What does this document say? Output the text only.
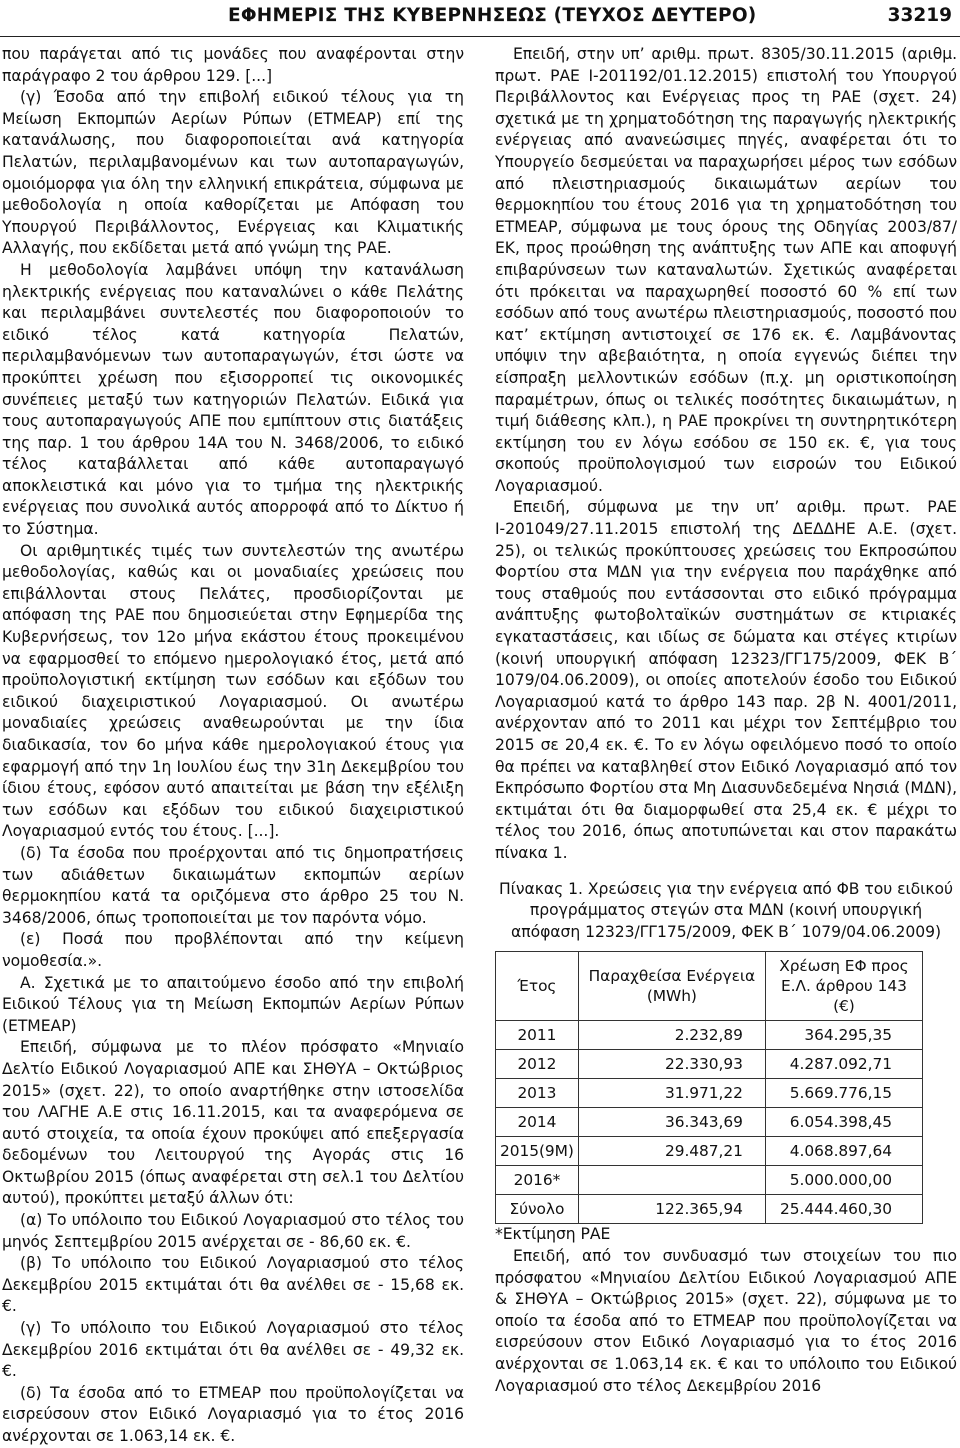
ΕΦΗΜΕΡΙΣ ΤΗΣ ΚΥΒΕΡΝΗΣΕΩΣ (ΤΕΥΧΟΣ ΔΕΥΤΕΡΟ)	33219

που παράγεται από τις μονάδες που αναφέρονται στην παράγραφο 2 του άρθρου 129. [...]

(γ) Έσοδα από την επιβολή ειδικού τέλους για τη Μείωση Εκπομπών Αερίων Ρύπων (ΕΤΜΕΑΡ) επί της κατανάλωσης, που διαφοροποιείται ανά κατηγορία Πελατών, περιλαμβανομένων και των αυτοπαραγωγών, ομοιόμορφα για όλη την ελληνική επικράτεια, σύμφωνα με μεθοδολογία η οποία καθορίζεται με Απόφαση του Υπουργού Περιβάλλοντος, Ενέργειας και Κλιματικής Αλλαγής, που εκδίδεται μετά από γνώμη της ΡΑΕ.

Η μεθοδολογία λαμβάνει υπόψη την κατανάλωση ηλεκτρικής ενέργειας που καταναλώνει ο κάθε Πελάτης και περιλαμβάνει συντελεστές που διαφοροποιούν το ειδικό τέλος κατά κατηγορία Πελατών, περιλαμβανόμενων των αυτοπαραγωγών, έτσι ώστε να προκύπτει χρέωση που εξισορροπεί τις οικονομικές συνέπειες μεταξύ των κατηγοριών Πελατών. Ειδικά για τους αυτοπαραγωγούς ΑΠΕ που εμπίπτουν στις διατάξεις της παρ. 1 του άρθρου 14Α του Ν. 3468/2006, το ειδικό τέλος καταβάλλεται από κάθε αυτοπαραγωγό αποκλειστικά και μόνο για το τμήμα της ηλεκτρικής ενέργειας που συνολικά αυτός απορροφά από το Δίκτυο ή το Σύστημα.

Οι αριθμητικές τιμές των συντελεστών της ανωτέρω μεθοδολογίας, καθώς και οι μοναδιαίες χρεώσεις που επιβάλλονται στους Πελάτες, προσδιορίζονται με απόφαση της ΡΑΕ που δημοσιεύεται στην Εφημερίδα της Κυβερνήσεως, τον 12ο μήνα εκάστου έτους προκειμένου να εφαρμοσθεί το επόμενο ημερολογιακό έτος, μετά από προϋπολογιστική εκτίμηση των εσόδων και εξόδων του ειδικού διαχειριστικού Λογαριασμού. Οι ανωτέρω μοναδιαίες χρεώσεις αναθεωρούνται με την ίδια διαδικασία, τον 6ο μήνα κάθε ημερολογιακού έτους για εφαρμογή από την 1η Ιουλίου έως την 31η Δεκεμβρίου του ίδιου έτους, εφόσον αυτό απαιτείται με βάση την εξέλιξη των εσόδων και εξόδων του ειδικού διαχειριστικού Λογαριασμού εντός του έτους. [...].

(δ) Τα έσοδα που προέρχονται από τις δημοπρατήσεις των αδιάθετων δικαιωμάτων εκπομπών αερίων θερμοκηπίου κατά τα οριζόμενα στο άρθρο 25 του Ν. 3468/2006, όπως τροποποιείται με τον παρόντα νόμο.

(ε) Ποσά που προβλέπονται από την κείμενη νομοθεσία.».

Α. Σχετικά με το απαιτούμενο έσοδο από την επιβολή Ειδικού Τέλους για τη Μείωση Εκπομπών Αερίων Ρύπων (ΕΤΜΕΑΡ)

Επειδή, σύμφωνα με το πλέον πρόσφατο «Μηνιαίο Δελτίο Ειδικού Λογαριασμού ΑΠΕ και ΣΗΘΥΑ – Οκτώβριος 2015» (σχετ. 22), το οποίο αναρτήθηκε στην ιστοσελίδα του ΛΑΓΗΕ Α.Ε στις 16.11.2015, και τα αναφερόμενα σε αυτό στοιχεία, τα οποία έχουν προκύψει από επεξεργασία δεδομένων του Λειτουργού της Αγοράς στις 16 Οκτωβρίου 2015 (όπως αναφέρεται στη σελ.1 του Δελτίου αυτού), προκύπτει μεταξύ άλλων ότι:

(α) Το υπόλοιπο του Ειδικού Λογαριασμού στο τέλος του μηνός Σεπτεμβρίου 2015 ανέρχεται σε - 86,60 εκ. €.

(β) Το υπόλοιπο του Ειδικού Λογαριασμού στο τέλος Δεκεμβρίου 2015 εκτιμάται ότι θα ανέλθει σε - 15,68 εκ. €.

(γ) Το υπόλοιπο του Ειδικού Λογαριασμού στο τέλος Δεκεμβρίου 2016 εκτιμάται ότι θα ανέλθει σε - 49,32 εκ. €.

(δ) Τα έσοδα από το ΕΤΜΕΑΡ που προϋπολογίζεται να εισρεύσουν στον Ειδικό Λογαριασμό για το έτος 2016 ανέρχονται σε 1.063,14 εκ. €.

Επειδή, στην υπ’ αριθμ. πρωτ. 8305/30.11.2015 (αριθμ. πρωτ. ΡΑΕ Ι-201192/01.12.2015) επιστολή του Υπουργού Περιβάλλοντος και Ενέργειας προς τη ΡΑΕ (σχετ. 24) σχετικά με τη χρηματοδότηση της παραγωγής ηλεκτρικής ενέργειας από ανανεώσιμες πηγές, αναφέρεται ότι το Υπουργείο δεσμεύεται να παραχωρήσει μέρος των εσόδων από πλειστηριασμούς δικαιωμάτων αερίων του θερμοκηπίου του έτους 2016 για τη χρηματοδότηση του ΕΤΜΕΑΡ, σύμφωνα με τους όρους της Οδηγίας 2003/87/ΕΚ, προς προώθηση της ανάπτυξης των ΑΠΕ και αποφυγή επιβαρύνσεων των καταναλωτών. Σχετικώς αναφέρεται ότι πρόκειται να παραχωρηθεί ποσοστό 60 % επί των εσόδων από τους ανωτέρω πλειστηριασμούς, ποσοστό που κατ’ εκτίμηση αντιστοιχεί σε 176 εκ. €. Λαμβάνοντας υπόψιν την αβεβαιότητα, η οποία εγγενώς διέπει την είσπραξη μελλοντικών εσόδων (π.χ. μη οριστικοποίηση παραμέτρων, όπως οι τελικές ποσότητες δικαιωμάτων, η τιμή διάθεσης κλπ.), η ΡΑΕ προκρίνει τη συντηρητικότερη εκτίμηση του εν λόγω εσόδου σε 150 εκ. €, για τους σκοπούς προϋπολογισμού των εισροών του Ειδικού Λογαριασμού.

Επειδή, σύμφωνα με την υπ’ αριθμ. πρωτ. ΡΑΕ Ι-201049/27.11.2015 επιστολή της ΔΕΔΔΗΕ Α.Ε. (σχετ. 25), οι τελικώς προκύπτουσες χρεώσεις του Εκπροσώπου Φορτίου στα ΜΔΝ για την ενέργεια που παράχθηκε από τους σταθμούς που εντάσσονται στο ειδικό πρόγραμμα ανάπτυξης φωτοβολταϊκών συστημάτων σε κτιριακές εγκαταστάσεις, και ιδίως σε δώματα και στέγες κτιρίων (κοινή υπουργική απόφαση 12323/ΓΓ175/2009, ΦΕΚ Β΄ 1079/04.06.2009), οι οποίες αποτελούν έσοδο του Ειδικού Λογαριασμού κατά το άρθρο 143 παρ. 2β Ν. 4001/2011, ανέρχονταν από το 2011 και μέχρι τον Σεπτέμβριο του 2015 σε 20,4 εκ. €. Το εν λόγω οφειλόμενο ποσό το οποίο θα πρέπει να καταβληθεί στον Ειδικό Λογαριασμό από τον Εκπρόσωπο Φορτίου στα Μη Διασυνδεδεμένα Νησιά (ΜΔΝ), εκτιμάται ότι θα διαμορφωθεί στα 25,4 εκ. € μέχρι το τέλος του 2016, όπως αποτυπώνεται και στον παρακάτω πίνακα 1.

Πίνακας 1. Χρεώσεις για την ενέργεια από ΦΒ του ειδικού προγράμματος στεγών στα ΜΔΝ (κοινή υπουργική απόφαση 12323/ΓΓ175/2009, ΦΕΚ Β΄ 1079/04.06.2009)
Έτος	Παραχθείσα Ενέργεια (MWh)	Χρέωση ΕΦ προς Ε.Λ. άρθρου 143 (€)
2011	2.232,89	364.295,35
2012	22.330,93	4.287.092,71
2013	31.971,22	5.669.776,15
2014	36.343,69	6.054.398,45
2015(9M)	29.487,21	4.068.897,64
2016*		5.000.000,00
Σύνολο	122.365,94	25.444.460,30

*Εκτίμηση ΡΑΕ

Επειδή, από τον συνδυασμό των στοιχείων του πιο πρόσφατου «Μηνιαίου Δελτίου Ειδικού Λογαριασμού ΑΠΕ & ΣΗΘΥΑ – Οκτώβριος 2015» (σχετ. 22), σύμφωνα με το οποίο τα έσοδα από το ΕΤΜΕΑΡ που προϋπολογίζεται να εισρεύσουν στον Ειδικό Λογαριασμό για το έτος 2016 ανέρχονται σε 1.063,14 εκ. € και το υπόλοιπο του Ειδικού Λογαριασμού στο τέλος Δεκεμβρίου 2016
